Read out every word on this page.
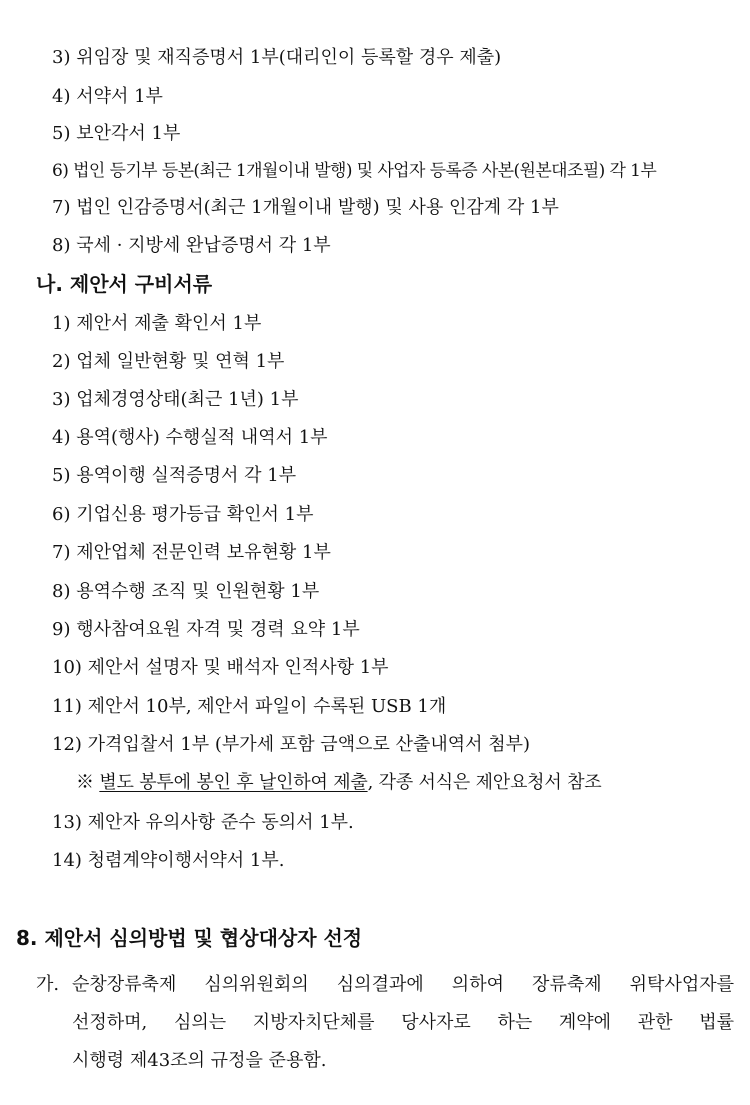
3) 위임장 및 재직증명서 1부(대리인이 등록할 경우 제출)
4) 서약서 1부
5) 보안각서 1부
6) 법인 등기부 등본(최근 1개월이내 발행) 및 사업자 등록증 사본(원본대조필) 각 1부
7) 법인 인감증명서(최근 1개월이내 발행) 및 사용 인감계 각 1부
8) 국세 · 지방세 완납증명서 각 1부
나. 제안서 구비서류
1) 제안서 제출 확인서 1부
2) 업체 일반현황 및 연혁 1부
3) 업체경영상태(최근 1년) 1부
4) 용역(행사) 수행실적 내역서 1부
5) 용역이행 실적증명서 각 1부
6) 기업신용 평가등급 확인서 1부
7) 제안업체 전문인력 보유현황 1부
8) 용역수행 조직 및 인원현황 1부
9) 행사참여요원 자격 및 경력 요약 1부
10) 제안서 설명자 및 배석자 인적사항 1부
11) 제안서 10부, 제안서 파일이 수록된 USB 1개
12) 가격입찰서 1부 (부가세 포함 금액으로 산출내역서 첨부)
※ 별도 봉투에 봉인 후 날인하여 제출, 각종 서식은 제안요청서 참조
13) 제안자 유의사항 준수 동의서 1부.
14) 청렴계약이행서약서 1부.
8. 제안서 심의방법 및 협상대상자 선정
가. 순창장류축제 심의위원회의 심의결과에 의하여 장류축제 위탁사업자를
선정하며, 심의는 지방자치단체를 당사자로 하는 계약에 관한 법률
시행령 제43조의 규정을 준용함.
